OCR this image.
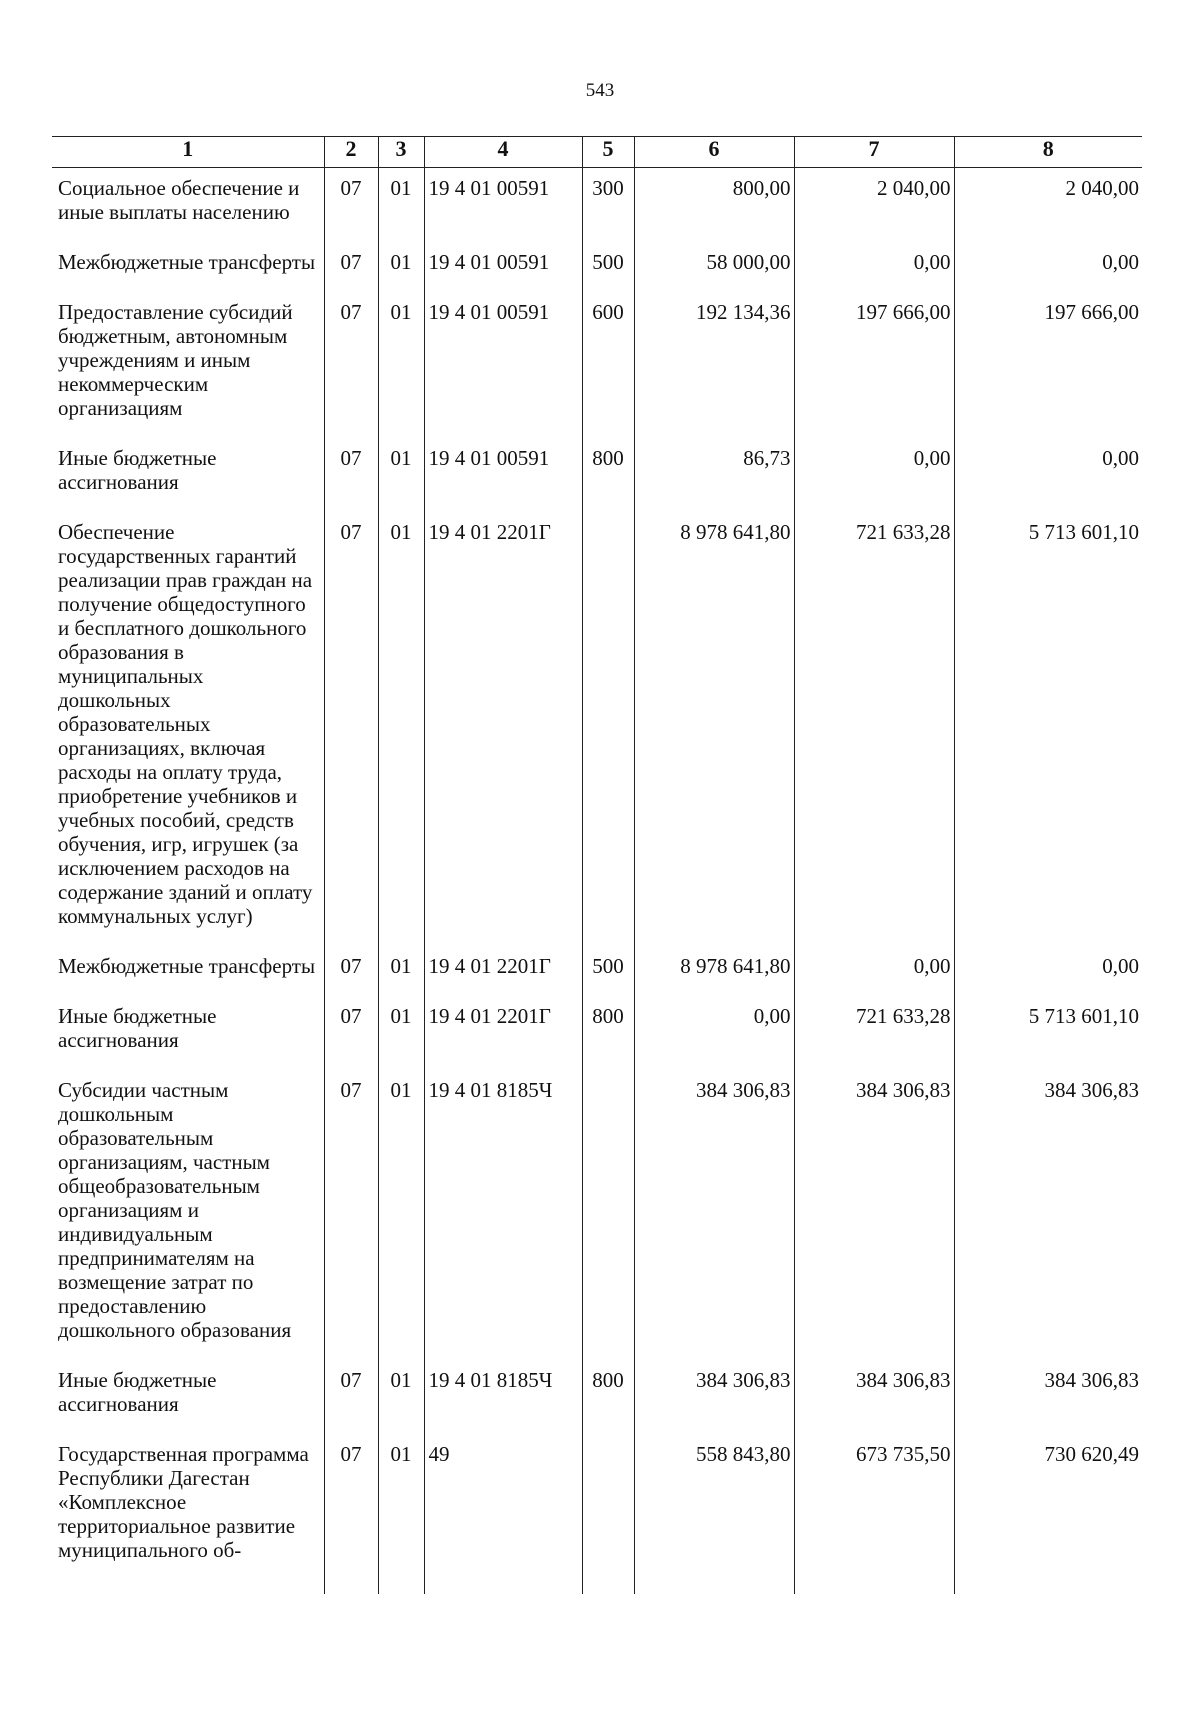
543
1	2	3	4	5	6	7	8
Социальное обеспечение и иные выплаты населению	07	01	19 4 01 00591	300	800,00	2 040,00	2 040,00
Межбюджетные трансферты	07	01	19 4 01 00591	500	58 000,00	0,00	0,00
Предоставление субсидий бюджетным, автономным учреждениям и иным некоммерческим организациям	07	01	19 4 01 00591	600	192 134,36	197 666,00	197 666,00
Иные бюджетные ассигнования	07	01	19 4 01 00591	800	86,73	0,00	0,00
Обеспечение государственных гарантий реализации прав граждан на получение общедоступного и бесплатного дошкольного образования в муниципальных дошкольных образовательных организациях, включая расходы на оплату труда, приобретение учебников и учебных пособий, средств обучения, игр, игрушек (за исключением расходов на содержание зданий и оплату коммунальных услуг)	07	01	19 4 01 2201Г		8 978 641,80	721 633,28	5 713 601,10
Межбюджетные трансферты	07	01	19 4 01 2201Г	500	8 978 641,80	0,00	0,00
Иные бюджетные ассигнования	07	01	19 4 01 2201Г	800	0,00	721 633,28	5 713 601,10
Субсидии частным дошкольным образовательным организациям, частным общеобразовательным организациям и индивидуальным предпринимателям на возмещение затрат по предоставлению дошкольного образования	07	01	19 4 01 8185Ч		384 306,83	384 306,83	384 306,83
Иные бюджетные ассигнования	07	01	19 4 01 8185Ч	800	384 306,83	384 306,83	384 306,83
Государственная программа Республики Дагестан «Комплексное территориальное развитие муниципального об-	07	01	49		558 843,80	673 735,50	730 620,49
